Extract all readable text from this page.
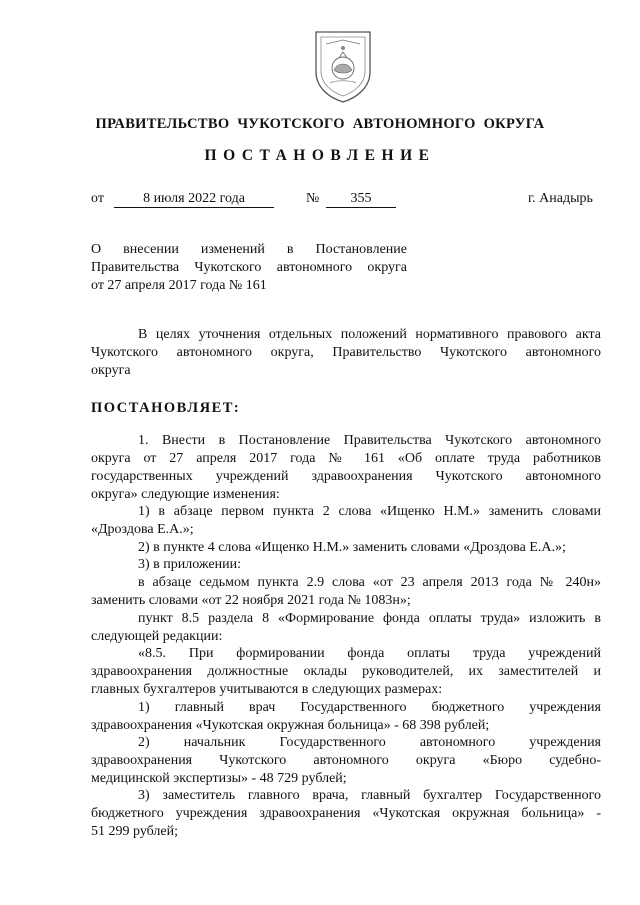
ПРАВИТЕЛЬСТВО ЧУКОТСКОГО АВТОНОМНОГО ОКРУГА
ПОСТАНОВЛЕНИЕ
от	8 июля 2022 года	№	355	г. Анадырь
О внесении изменений в Постановление
Правительства Чукотского автономного округа
от 27 апреля 2017 года № 161
В целях уточнения отдельных положений нормативного правового акта
Чукотского автономного округа, Правительство Чукотского автономного
округа
ПОСТАНОВЛЯЕТ:
1. Внести в Постановление Правительства Чукотского автономного
округа от 27 апреля 2017 года № 161 «Об оплате труда работников
государственных учреждений здравоохранения Чукотского автономного
округа» следующие изменения:
1) в абзаце первом пункта 2 слова «Ищенко Н.М.» заменить словами
«Дроздова Е.А.»;
2) в пункте 4 слова «Ищенко Н.М.» заменить словами «Дроздова Е.А.»;
3) в приложении:
в абзаце седьмом пункта 2.9 слова «от 23 апреля 2013 года № 240н»
заменить словами «от 22 ноября 2021 года № 1083н»;
пункт 8.5 раздела 8 «Формирование фонда оплаты труда» изложить в
следующей редакции:
«8.5. При формировании фонда оплаты труда учреждений
здравоохранения должностные оклады руководителей, их заместителей и
главных бухгалтеров учитываются в следующих размерах:
1) главный врач Государственного бюджетного учреждения
здравоохранения «Чукотская окружная больница» - 68 398 рублей;
2) начальник Государственного автономного учреждения
здравоохранения Чукотского автономного округа «Бюро судебно-
медицинской экспертизы» - 48 729 рублей;
3) заместитель главного врача, главный бухгалтер Государственного
бюджетного учреждения здравоохранения «Чукотская окружная больница» -
51 299 рублей;
